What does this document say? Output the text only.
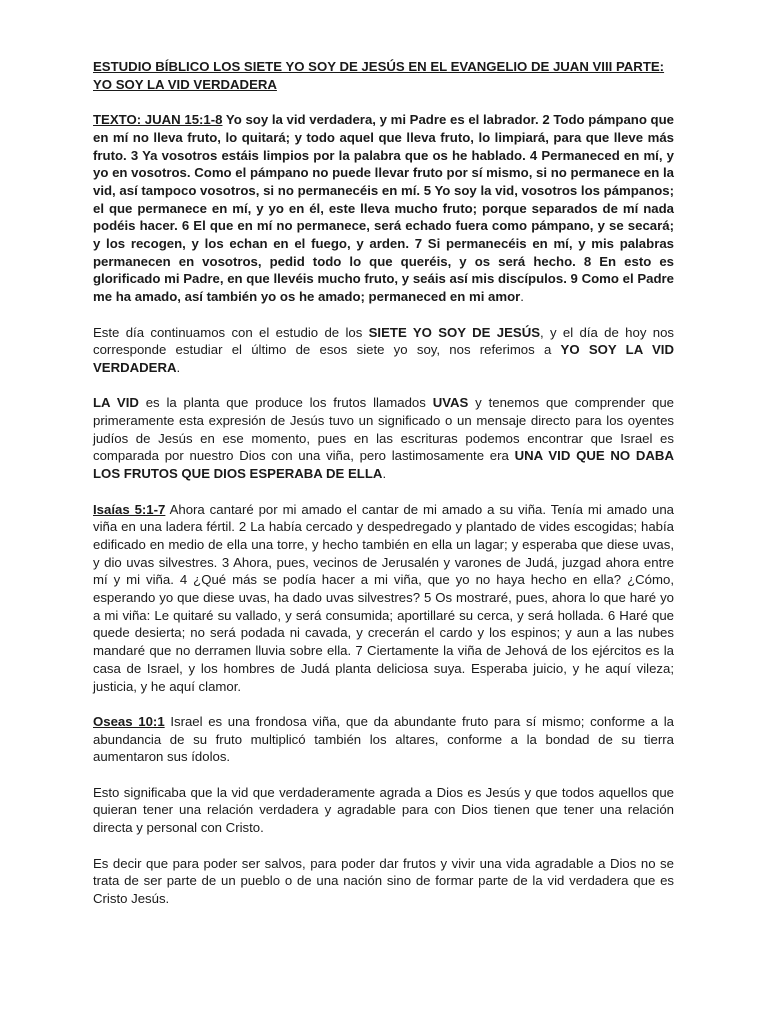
ESTUDIO BÍBLICO LOS SIETE YO SOY DE JESÚS EN EL EVANGELIO DE JUAN VIII PARTE: YO SOY LA VID VERDADERA

TEXTO: JUAN 15:1-8 Yo soy la vid verdadera, y mi Padre es el labrador. 2 Todo pámpano que en mí no lleva fruto, lo quitará; y todo aquel que lleva fruto, lo limpiará, para que lleve más fruto. 3 Ya vosotros estáis limpios por la palabra que os he hablado. 4 Permaneced en mí, y yo en vosotros. Como el pámpano no puede llevar fruto por sí mismo, si no permanece en la vid, así tampoco vosotros, si no permanecéis en mí. 5 Yo soy la vid, vosotros los pámpanos; el que permanece en mí, y yo en él, este lleva mucho fruto; porque separados de mí nada podéis hacer. 6 El que en mí no permanece, será echado fuera como pámpano, y se secará; y los recogen, y los echan en el fuego, y arden. 7 Si permanecéis en mí, y mis palabras permanecen en vosotros, pedid todo lo que queréis, y os será hecho. 8 En esto es glorificado mi Padre, en que llevéis mucho fruto, y seáis así mis discípulos. 9 Como el Padre me ha amado, así también yo os he amado; permaneced en mi amor.

Este día continuamos con el estudio de los SIETE YO SOY DE JESÚS, y el día de hoy nos corresponde estudiar el último de esos siete yo soy, nos referimos a YO SOY LA VID VERDADERA.

LA VID es la planta que produce los frutos llamados UVAS y tenemos que comprender que primeramente esta expresión de Jesús tuvo un significado o un mensaje directo para los oyentes judíos de Jesús en ese momento, pues en las escrituras podemos encontrar que Israel es comparada por nuestro Dios con una viña, pero lastimosamente era UNA VID QUE NO DABA LOS FRUTOS QUE DIOS ESPERABA DE ELLA.

Isaías 5:1-7 Ahora cantaré por mi amado el cantar de mi amado a su viña. Tenía mi amado una viña en una ladera fértil. 2 La había cercado y despedregado y plantado de vides escogidas; había edificado en medio de ella una torre, y hecho también en ella un lagar; y esperaba que diese uvas, y dio uvas silvestres. 3 Ahora, pues, vecinos de Jerusalén y varones de Judá, juzgad ahora entre mí y mi viña. 4 ¿Qué más se podía hacer a mi viña, que yo no haya hecho en ella? ¿Cómo, esperando yo que diese uvas, ha dado uvas silvestres? 5 Os mostraré, pues, ahora lo que haré yo a mi viña: Le quitaré su vallado, y será consumida; aportillaré su cerca, y será hollada. 6 Haré que quede desierta; no será podada ni cavada, y crecerán el cardo y los espinos; y aun a las nubes mandaré que no derramen lluvia sobre ella. 7 Ciertamente la viña de Jehová de los ejércitos es la casa de Israel, y los hombres de Judá planta deliciosa suya. Esperaba juicio, y he aquí vileza; justicia, y he aquí clamor.

Oseas 10:1 Israel es una frondosa viña, que da abundante fruto para sí mismo; conforme a la abundancia de su fruto multiplicó también los altares, conforme a la bondad de su tierra aumentaron sus ídolos.

Esto significaba que la vid que verdaderamente agrada a Dios es Jesús y que todos aquellos que quieran tener una relación verdadera y agradable para con Dios tienen que tener una relación directa y personal con Cristo.

Es decir que para poder ser salvos, para poder dar frutos y vivir una vida agradable a Dios no se trata de ser parte de un pueblo o de una nación sino de formar parte de la vid verdadera que es Cristo Jesús.
